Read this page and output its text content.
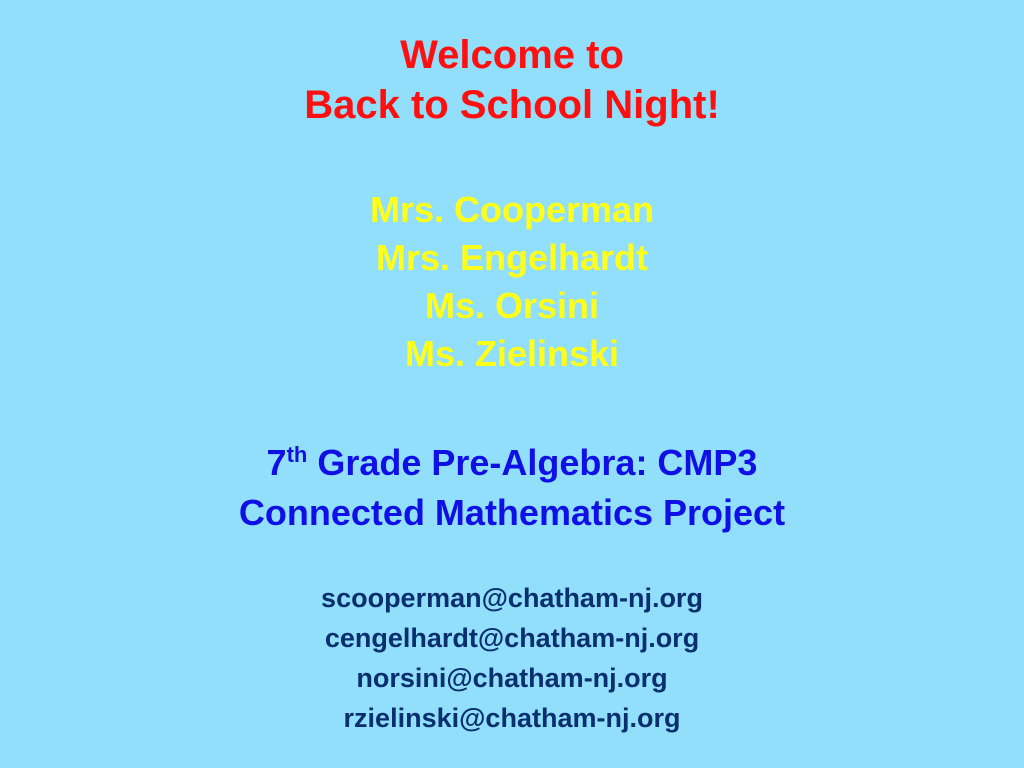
Welcome to
Back to School Night!
Mrs. Cooperman
Mrs. Engelhardt
Ms. Orsini
Ms. Zielinski
7th Grade Pre-Algebra: CMP3
Connected Mathematics Project
scooperman@chatham-nj.org
cengelhardt@chatham-nj.org
norsini@chatham-nj.org
rzielinski@chatham-nj.org
